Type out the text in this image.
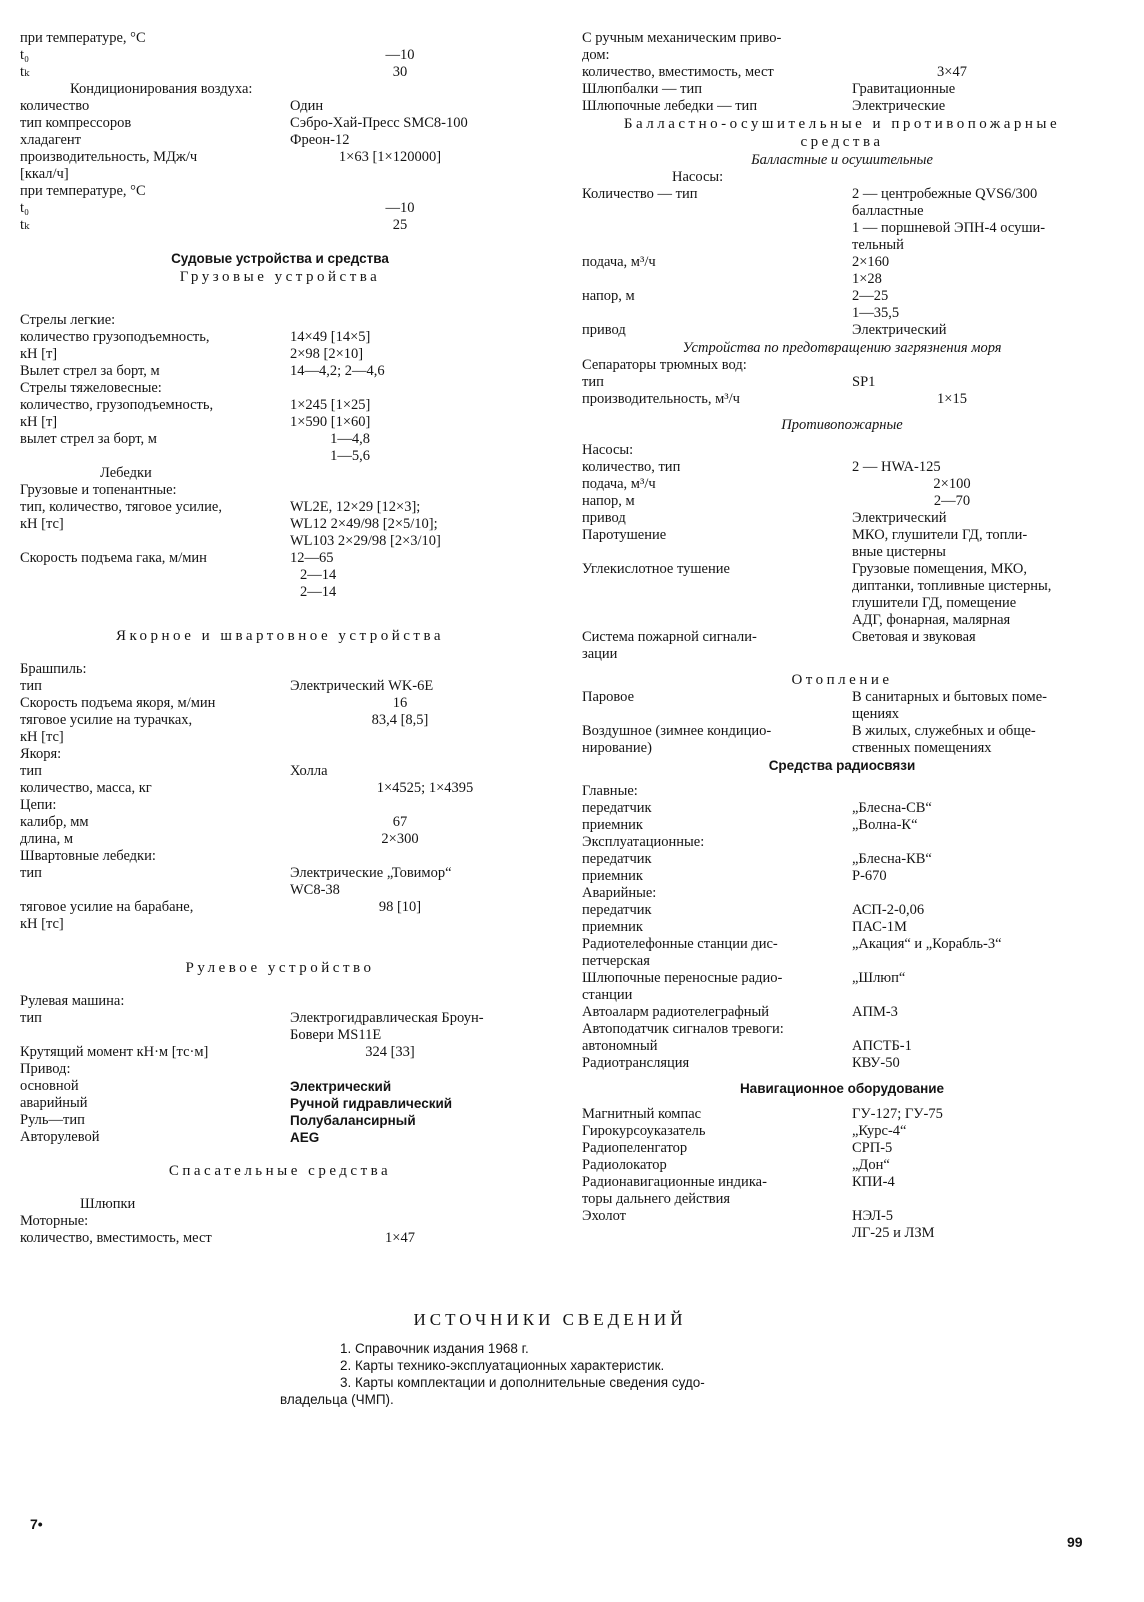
при температуре, °C
t₀	—10
tₖ	30
Кондиционирования воздуха:
количество	Один
тип компрессоров	Сэбро-Хай-Пресс SMC8-100
хладагент	Фреон-12
производительность, МДж/ч	1×63 [1×120000]
[ккал/ч]
при температуре, °C
t₀	—10
tₖ	25
Судовые устройства и средства
Грузовые устройства
Стрелы легкие:
количество грузоподъемность,	14×49 [14×5]
кН [т]	2×98 [2×10]
Вылет стрел за борт, м	14—4,2; 2—4,6
Стрелы тяжеловесные:
количество, грузоподъемность,	1×245 [1×25]
кН [т]	1×590 [1×60]
вылет стрел за борт, м	1—4,8
1—5,6
Лебедки
Грузовые и топенантные:
тип, количество, тяговое усилие,	WL2E, 12×29 [12×3];
кН [тс]	WL12 2×49/98 [2×5/10];
WL103 2×29/98 [2×3/10]
Скорость подъема гака, м/мин	12—65
2—14
2—14
Якорное и швартовное устройства
Брашпиль:
тип	Электрический WK-6E
Скорость подъема якоря, м/мин	16
тяговое усилие на турачках,	83,4 [8,5]
кН [тс]
Якоря:
тип	Холла
количество, масса, кг	1×4525; 1×4395
Цепи:
калибр, мм	67
длина, м	2×300
Швартовные лебедки:
тип	Электрические „Товимор“
WC8-38
тяговое усилие на барабане,	98 [10]
кН [тс]
Рулевое устройство
Рулевая машина:
тип	Электрогидравлическая Броун-
Бовери MS11E
Крутящий момент кН·м [тс·м]	324 [33]
Привод:
основной	Электрический
аварийный	Ручной гидравлический
Руль—тип	Полубалансирный
Авторулевой	AEG
Спасательные средства
Шлюпки
Моторные:
количество, вместимость, мест	1×47
С ручным механическим приво-
дом:
количество, вместимость, мест	3×47
Шлюпбалки — тип	Гравитационные
Шлюпочные лебедки — тип	Электрические
Балластно-осушительные и противопожарные
средства
Балластные и осушительные
Насосы:
Количество — тип	2 — центробежные QVS6/300
балластные
1 — поршневой ЭПН-4 осуши-
тельный
подача, м³/ч	2×160
1×28
напор, м	2—25
1—35,5
привод	Электрический
Устройства по предотвращению загрязнения моря
Сепараторы трюмных вод:
тип	SP1
производительность, м³/ч	1×15
Противопожарные
Насосы:
количество, тип	2 — HWA-125
подача, м³/ч	2×100
напор, м	2—70
привод	Электрический
Паротушение	МКО, глушители ГД, топли-
вные цистерны
Углекислотное тушение	Грузовые помещения, МКО,
диптанки, топливные цистерны,
глушители ГД, помещение
АДГ, фонарная, малярная
Система пожарной сигнали-	Световая и звуковая
зации
Отопление
Паровое	В санитарных и бытовых поме-
щениях
Воздушное (зимнее кондицио-	В жилых, служебных и обще-
нирование)	ственных помещениях
Средства радиосвязи
Главные:
передатчик	„Блесна-СВ“
приемник	„Волна-К“
Эксплуатационные:
передатчик	„Блесна-КВ“
приемник	Р-670
Аварийные:
передатчик	АСП-2-0,06
приемник	ПАС-1М
Радиотелефонные станции дис-	„Акация“ и „Корабль-3“
петчерская
Шлюпочные переносные радио-	„Шлюп“
станции
Автоаларм радиотелеграфный	АПМ-3
Автоподатчик сигналов тревоги:
автономный	АПСТБ-1
Радиотрансляция	КВУ-50
Навигационное оборудование
Магнитный компас	ГУ-127; ГУ-75
Гирокурсоуказатель	„Курс-4“
Радиопеленгатор	СРП-5
Радиолокатор	„Дон“
Радионавигационные индика-	КПИ-4
торы дальнего действия
Эхолот	НЭЛ-5
ЛГ-25 и ЛЗМ
ИСТОЧНИКИ СВЕДЕНИЙ
1. Справочник издания 1968 г.
2. Карты технико-эксплуатационных характеристик.
3. Карты комплектации и дополнительные сведения судо-
владельца (ЧМП).
7•
99
